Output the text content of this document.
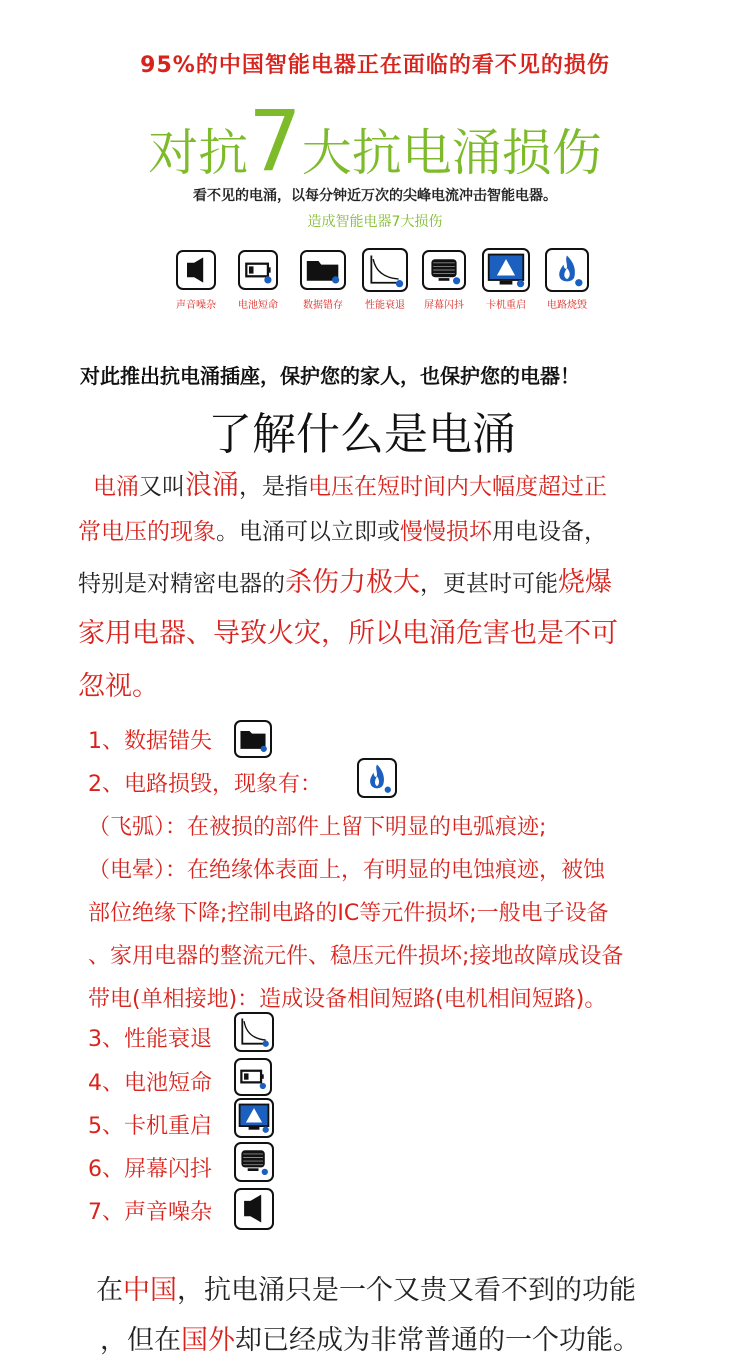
95%的中国智能电器正在面临的看不见的损伤
对抗7大抗电涌损伤
看不见的电涌，以每分钟近万次的尖峰电流冲击智能电器。
造成智能电器7大损伤
声音噪杂	电池短命	数据错存	性能衰退	屏幕闪抖	卡机重启	电路烧毁
对此推出抗电涌插座，保护您的家人，也保护您的电器！
了解什么是电涌
电涌又叫浪涌，是指电压在短时间内大幅度超过正
常电压的现象。电涌可以立即或慢慢损坏用电设备，
特别是对精密电器的杀伤力极大，更甚时可能烧爆
家用电器、导致火灾，所以电涌危害也是不可
忽视。
1、数据错失
2、电路损毁，现象有：
（飞弧）：在被损的部件上留下明显的电弧痕迹;
（电晕）：在绝缘体表面上，有明显的电蚀痕迹，被蚀
部位绝缘下降;控制电路的IC等元件损坏;一般电子设备
、家用电器的整流元件、稳压元件损坏;接地故障成设备
带电(单相接地)：造成设备相间短路(电机相间短路)。
3、性能衰退
4、电池短命
5、卡机重启
6、屏幕闪抖
7、声音噪杂
在中国，抗电涌只是一个又贵又看不到的功能
，但在国外却已经成为非常普通的一个功能。
